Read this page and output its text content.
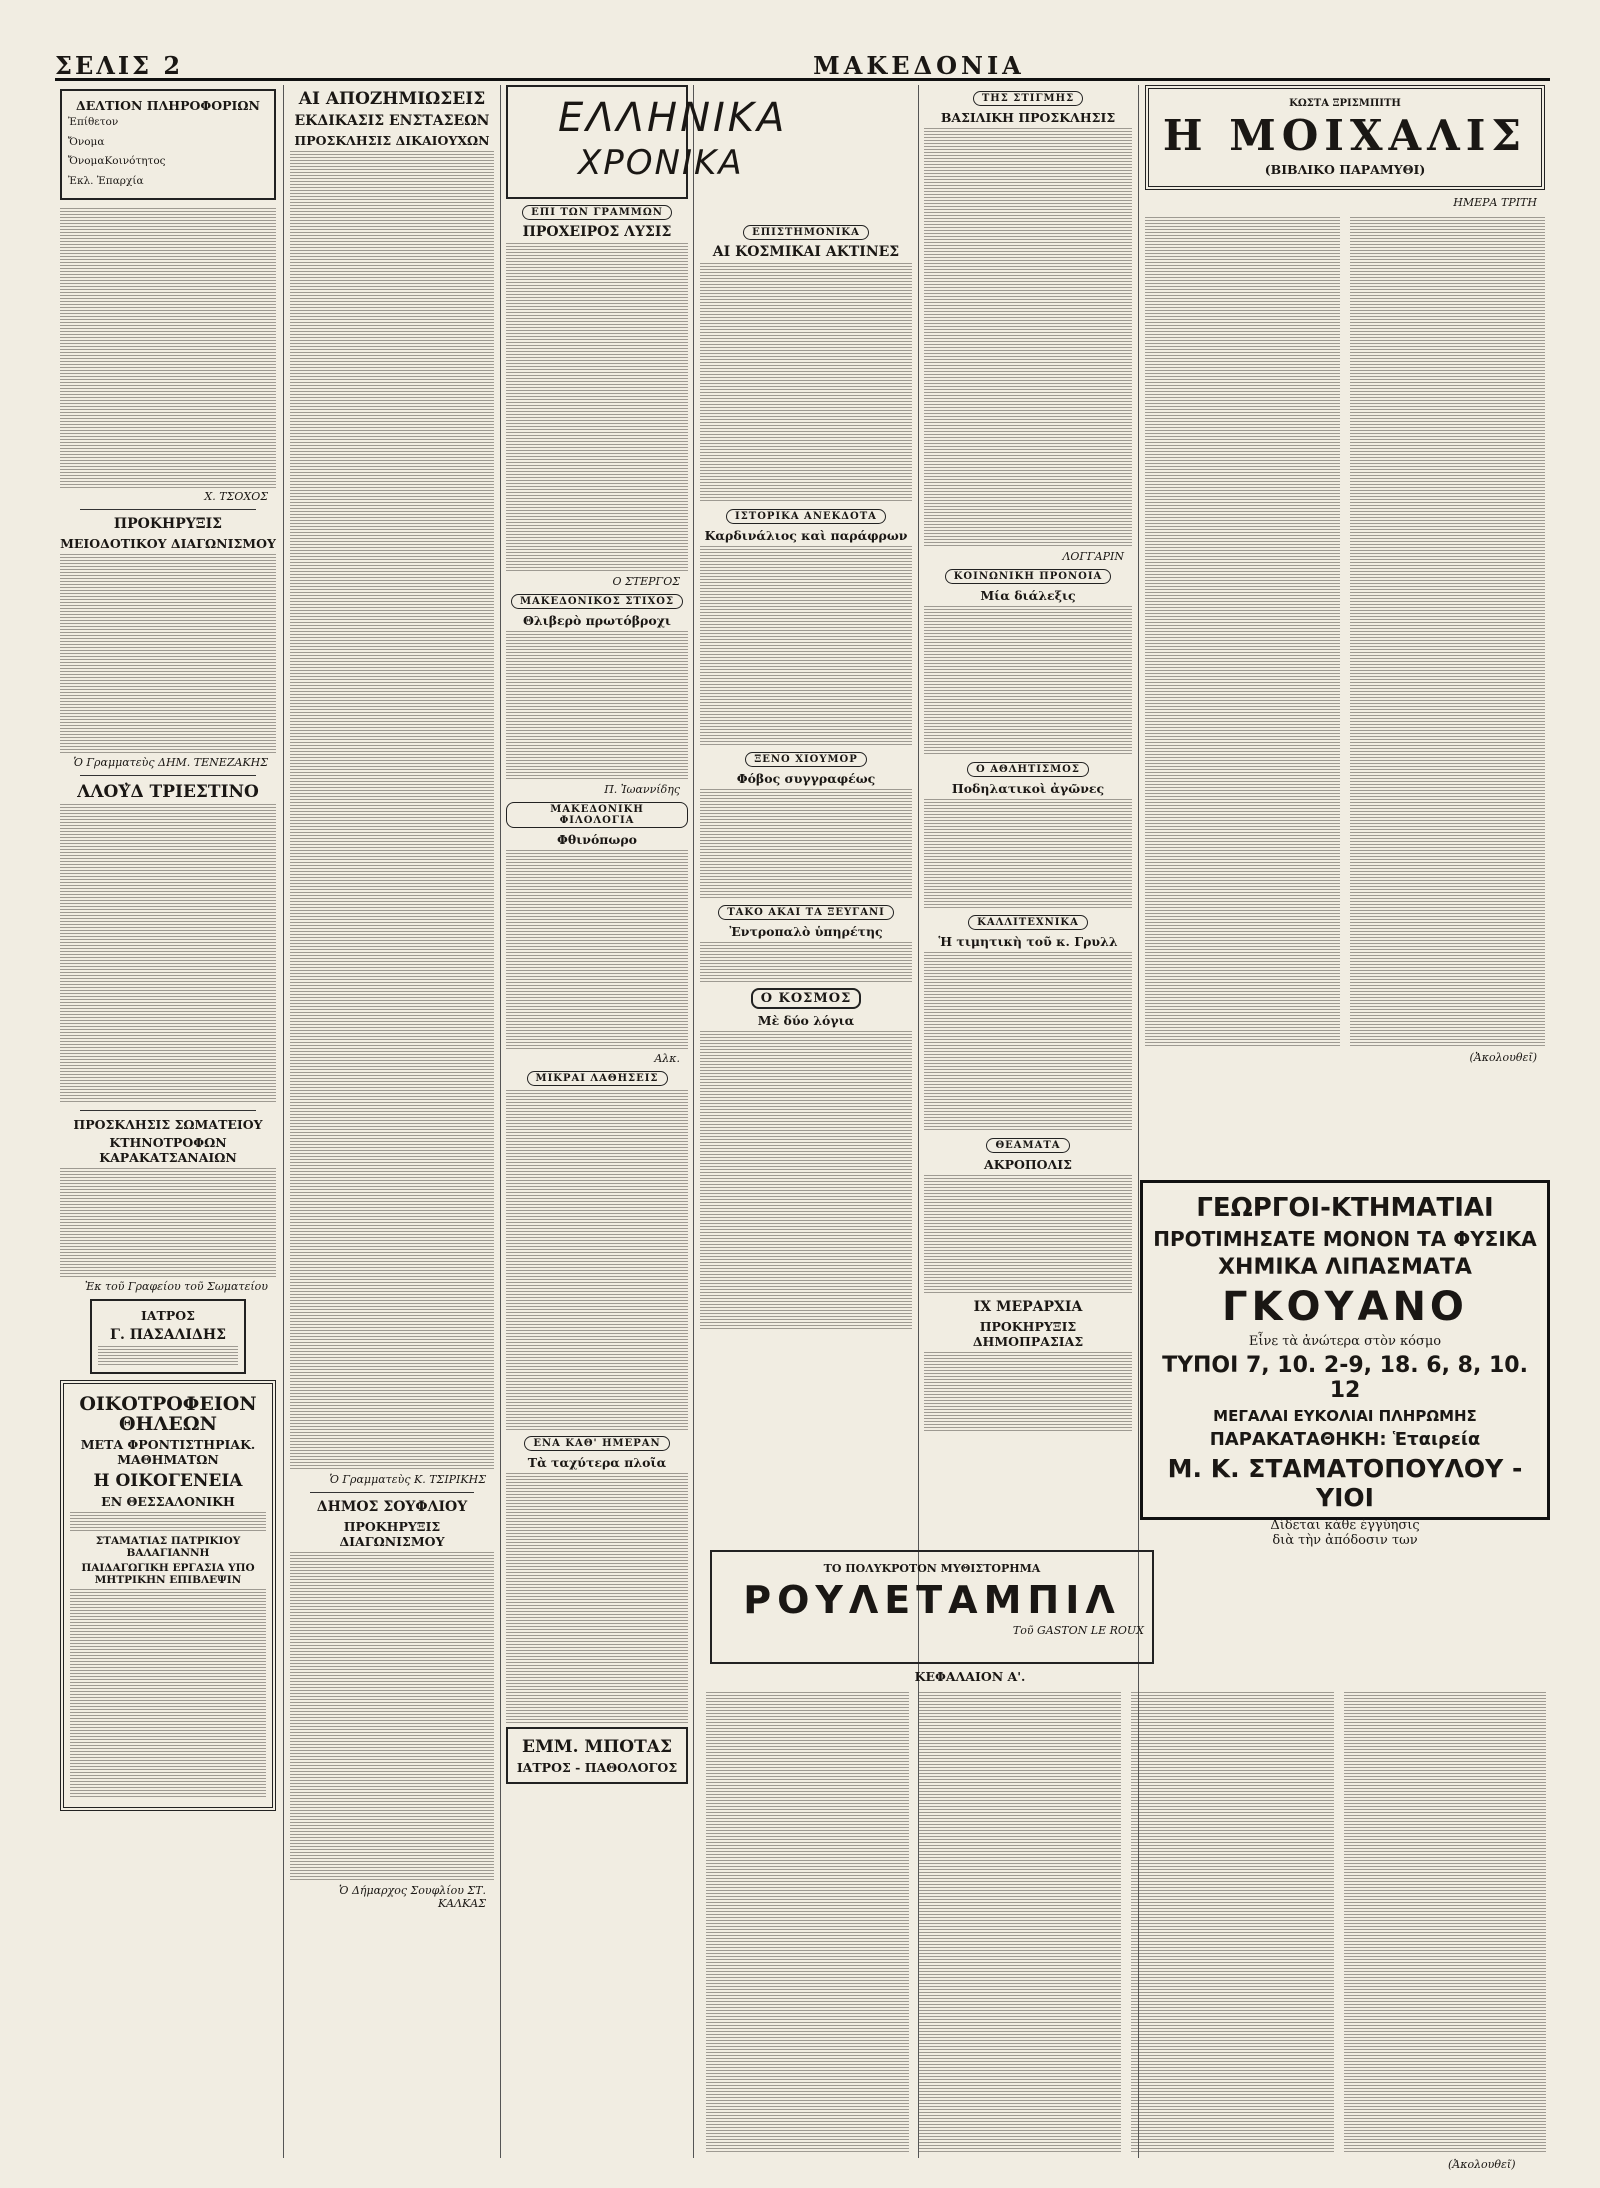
ΣΕΛΙΣ 2	ΜΑΚΕΔΟΝΙΑ
ΔΕΛΤΙΟΝ ΠΛΗΡΟΦΟΡΙΩΝ
Ἐπίθετον
Ὄνομα
ὌνομαΚοινότητος
Ἐκλ. Ἐπαρχία
Χ. ΤΣΟΧΟΣ
ΠΡΟΚΗΡΥΞΙΣ
ΜΕΙΟΔΟΤΙΚΟΥ ΔΙΑΓΩΝΙΣΜΟΥ
Ὁ Γραμματεὺς ΔΗΜ. ΤΕΝΕΖΑΚΗΣ
ΛΛΟΥ̓Δ ΤΡΙΕΣΤΙΝΟ
ΠΡΟΣΚΛΗΣΙΣ ΣΩΜΑΤΕΙΟΥ
ΚΤΗΝΟΤΡΟΦΩΝ ΚΑΡΑΚΑΤΣΑΝΑΙΩΝ
Ἐκ τοῦ Γραφείου τοῦ Σωματείου
ΙΑΤΡΟΣ
Γ. ΠΑΣΑΛΙΔΗΣ
ΟΙΚΟΤΡΟΦΕΙΟΝ ΘΗΛΕΩΝ
ΜΕΤΑ ΦΡΟΝΤΙΣΤΗΡΙΑΚ. ΜΑΘΗΜΑΤΩΝ
Η ΟΙΚΟΓΕΝΕΙΑ
ΕΝ ΘΕΣΣΑΛΟΝΙΚΗ
ΣΤΑΜΑΤΙΑΣ ΠΑΤΡΙΚΙΟΥ ΒΑΛΑΓΙΑΝΝΗ
ΠΑΙΔΑΓΩΓΙΚΗ ΕΡΓΑΣΙΑ ΥΠΟ ΜΗΤΡΙΚΗΝ ΕΠΙΒΛΕΨΙΝ
ΑΙ ΑΠΟΖΗΜΙΩΣΕΙΣ
ΕΚΔΙΚΑΣΙΣ ΕΝΣΤΑΣΕΩΝ
ΠΡΟΣΚΛΗΣΙΣ ΔΙΚΑΙΟΥΧΩΝ
Ὁ Γραμματεὺς Κ. ΤΣΙΡΙΚΗΣ
ΔΗΜΟΣ ΣΟΥΦΛΙΟΥ
ΠΡΟΚΗΡΥΞΙΣ ΔΙΑΓΩΝΙΣΜΟΥ
Ὁ Δήμαρχος Σουφλίου ΣΤ. ΚΑΛΚΑΣ
ΕΛΛΗΝΙΚΑ
ΧΡΟΝΙΚΑ
ΕΠΙ ΤΩΝ ΓΡΑΜΜΩΝ
ΠΡΟΧΕΙΡΟΣ ΛΥΣΙΣ
Ο ΣΤΕΡΓΟΣ
ΜΑΚΕΔΟΝΙΚΟΣ ΣΤΙΧΟΣ
Θλιβερὸ πρωτόβροχι
Π. Ἰωαννίδης
ΜΑΚΕΔΟΝΙΚΗ ΦΙΛΟΛΟΓΙΑ
Φθινόπωρο
Αλκ.
ΜΙΚΡΑΙ ΛΑΘΗΣΕΙΣ
ΕΝΑ ΚΑΘ' ΗΜΕΡΑΝ
Τὰ ταχύτερα πλοῖα
ΕΜΜ. ΜΠΟΤΑΣ
ΙΑΤΡΟΣ - ΠΑΘΟΛΟΓΟΣ
ΕΠΙΣΤΗΜΟΝΙΚΑ
ΑΙ ΚΟΣΜΙΚΑΙ ΑΚΤΙΝΕΣ
ΙΣΤΟΡΙΚΑ ΑΝΕΚΔΟΤΑ
Καρδινάλιος καὶ παράφρων
ΞΕΝΟ ΧΙΟΥΜΟΡ
Φόβος συγγραφέως
ΤΑΚΟ ΑΚΑΙ ΤΑ ΞΕΥΓΑΝΙ
Ἐντροπαλὸ ὑπηρέτης
Ο ΚΟΣΜΟΣ
Μὲ δύο λόγια
ΤΗΣ ΣΤΙΓΜΗΣ
ΒΑΣΙΛΙΚΗ ΠΡΟΣΚΛΗΣΙΣ
ΛΟΓΓΑΡΙΝ
ΚΟΙΝΩΝΙΚΗ ΠΡΟΝΟΙΑ
Μία διάλεξις
Ο ΑΘΛΗΤΙΣΜΟΣ
Ποδηλατικοὶ ἀγῶνες
ΚΑΛΛΙΤΕΧΝΙΚΑ
Ἡ τιμητικὴ τοῦ κ. Γρυλλ
ΘΕΑΜΑΤΑ
ΑΚΡΟΠΟΛΙΣ
ΙΧ ΜΕΡΑΡΧΙΑ
ΠΡΟΚΗΡΥΞΙΣ ΔΗΜΟΠΡΑΣΙΑΣ
ΚΩΣΤΑ ΞΡΙΣΜΠΙΤΗ
Η ΜΟΙΧΑΛΙΣ
(ΒΙΒΛΙΚΟ ΠΑΡΑΜΥΘΙ)
ΗΜΕΡΑ ΤΡΙΤΗ
(Ἀκολουθεῖ)
ΓΕΩΡΓΟΙ-ΚΤΗΜΑΤΙΑΙ
ΠΡΟΤΙΜΗΣΑΤΕ ΜΟΝΟΝ ΤΑ ΦΥΣΙΚΑ
ΧΗΜΙΚΑ ΛΙΠΑΣΜΑΤΑ
ΓΚΟΥΑΝΟ
Εἶνε τὰ ἀνώτερα στὸν κόσμο
ΤΥΠΟΙ 7, 10. 2-9, 18. 6, 8, 10. 12
ΜΕΓΑΛΑΙ ΕΥΚΟΛΙΑΙ ΠΛΗΡΩΜΗΣ
ΠΑΡΑΚΑΤΑΘΗΚΗ: Ἑταιρεία
Μ. Κ. ΣΤΑΜΑΤΟΠΟΥΛΟΥ - ΥΙΟΙ
Δίδεται κάθε ἐγγύησις
διὰ τὴν ἀπόδοσιν των
ΤΟ ΠΟΛΥΚΡΟΤΟΝ ΜΥΘΙΣΤΟΡΗΜΑ
ΡΟΥΛΕΤΑΜΠΙΛ
Τοῦ GASTON LE ROUX
ΚΕΦΑΛΑΙΟΝ Α'.
(Ἀκολουθεῖ)
